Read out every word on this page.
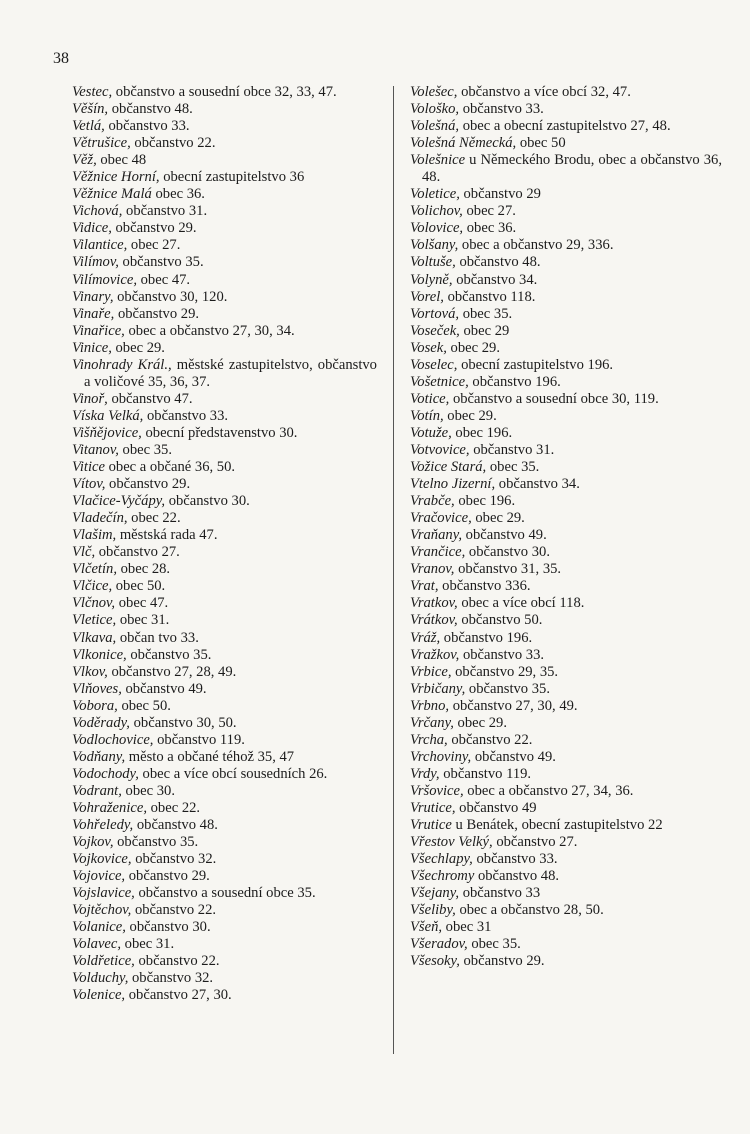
38
Vestec, občanstvo a sousední obce 32, 33, 47.
Věšín, občanstvo 48.
Vetlá, občanstvo 33.
Větrušice, občanstvo 22.
Věž, obec 48
Věžnice Horní, obecní zastupitelstvo 36
Věžnice Malá obec 36.
Vichová, občanstvo 31.
Vidice, občanstvo 29.
Vilantice, obec 27.
Vilímov, občanstvo 35.
Vilímovice, obec 47.
Vinary, občanstvo 30, 120.
Vinaře, občanstvo 29.
Vinařice, obec a občanstvo 27, 30, 34.
Vinice, obec 29.
Vinohrady Král., městské zastupitelstvo, občanstvo a voličové 35, 36, 37.
Vinoř, občanstvo 47.
Víska Velká, občanstvo 33.
Višňějovice, obecní představenstvo 30.
Vitanov, obec 35.
Vitice obec a občané 36, 50.
Vítov, občanstvo 29.
Vlačice-Vyčápy, občanstvo 30.
Vladečín, obec 22.
Vlašim, městská rada 47.
Vlč, občanstvo 27.
Vlčetín, obec 28.
Vlčice, obec 50.
Vlčnov, obec 47.
Vletice, obec 31.
Vlkava, občan tvo 33.
Vlkonice, občanstvo 35.
Vlkov, občanstvo 27, 28, 49.
Vlňoves, občanstvo 49.
Vobora, obec 50.
Voděrady, občanstvo 30, 50.
Vodlochovice, občanstvo 119.
Vodňany, město a občané téhož 35, 47
Vodochody, obec a více obcí sousedních 26.
Vodrant, obec 30.
Vohraženice, obec 22.
Vohřeledy, občanstvo 48.
Vojkov, občanstvo 35.
Vojkovice, občanstvo 32.
Vojovice, občanstvo 29.
Vojslavice, občanstvo a sousední obce 35.
Vojtěchov, občanstvo 22.
Volanice, občanstvo 30.
Volavec, obec 31.
Voldřetice, občanstvo 22.
Volduchy, občanstvo 32.
Volenice, občanstvo 27, 30.
Volešec, občanstvo a více obcí 32, 47.
Vološko, občanstvo 33.
Volešná, obec a obecní zastupitelstvo 27, 48.
Volešná Německá, obec 50
Volešnice u Německého Brodu, obec a občanstvo 36, 48.
Voletice, občanstvo 29
Volichov, obec 27.
Volovice, obec 36.
Volšany, obec a občanstvo 29, 336.
Voltuše, občanstvo 48.
Volyně, občanstvo 34.
Vorel, občanstvo 118.
Vortová, obec 35.
Voseček, obec 29
Vosek, obec 29.
Voselec, obecní zastupitelstvo 196.
Vošetnice, občanstvo 196.
Votice, občanstvo a sousední obce 30, 119.
Votín, obec 29.
Votuže, obec 196.
Votvovice, občanstvo 31.
Vožice Stará, obec 35.
Vtelno Jizerní, občanstvo 34.
Vrabče, obec 196.
Vračovice, obec 29.
Vraňany, občanstvo 49.
Vrančice, občanstvo 30.
Vranov, občanstvo 31, 35.
Vrat, občanstvo 336.
Vratkov, obec a více obcí 118.
Vrátkov, občanstvo 50.
Vráž, občanstvo 196.
Vražkov, občanstvo 33.
Vrbice, občanstvo 29, 35.
Vrbičany, občanstvo 35.
Vrbno, občanstvo 27, 30, 49.
Vrčany, obec 29.
Vrcha, občanstvo 22.
Vrchoviny, občanstvo 49.
Vrdy, občanstvo 119.
Vršovice, obec a občanstvo 27, 34, 36.
Vrutice, občanstvo 49
Vrutice u Benátek, obecní zastupitelstvo 22
Vřestov Velký, občanstvo 27.
Všechlapy, občanstvo 33.
Všechromy občanstvo 48.
Všejany, občanstvo 33
Všeliby, obec a občanstvo 28, 50.
Všeň, obec 31
Všeradov, obec 35.
Všesoky, občanstvo 29.
